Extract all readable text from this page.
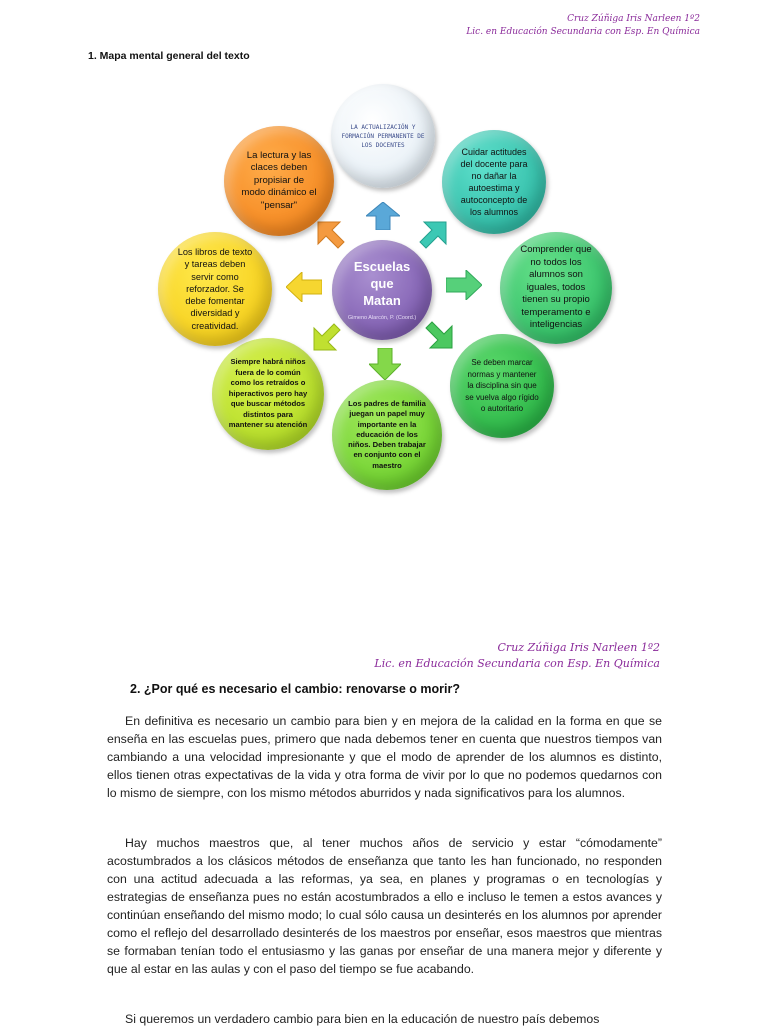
Cruz Zúñiga Iris Narleen 1º2
Lic. en Educación Secundaria con Esp. En Química
1. Mapa mental general del texto
Escuelas
que
Matan
Gimeno Alarcón, P. (Coord.)
LA ACTUALIZACIÓN Y FORMACIÓN PERMANENTE DE LOS DOCENTES
Cuidar actitudes del docente para no dañar la autoestima y autoconcepto de los alumnos
Comprender que no todos los alumnos son iguales, todos tienen su propio temperamento e inteligencias
Se deben marcar normas y mantener la disciplina sin que se vuelva algo rígido o autoritario
Los padres de familia juegan un papel muy importante en la educación de los niños. Deben trabajar en conjunto con el maestro
Siempre habrá niños fuera de lo común como los retraídos o hiperactivos pero hay que buscar métodos distintos para mantener su atención
Los libros de texto y tareas deben servir como reforzador. Se debe fomentar diversidad y creatividad.
La lectura y las claces deben propisiar de modo dinámico el "pensar"
Cruz Zúñiga Iris Narleen 1º2
Lic. en Educación Secundaria con Esp. En Química
2. ¿Por qué es necesario el cambio: renovarse o morir?
En definitiva es necesario un cambio para bien y en mejora de la calidad en la forma en que se enseña en las escuelas pues, primero que nada debemos tener en cuenta que nuestros tiempos van cambiando a una velocidad impresionante y que el modo de aprender de los alumnos es distinto, ellos tienen otras expectativas de la vida y otra forma de vivir por lo que no podemos quedarnos con lo mismo de siempre, con los mismo métodos aburridos y nada significativos para los alumnos.
Hay muchos maestros que, al tener muchos años de servicio y estar “cómodamente” acostumbrados a los clásicos métodos de enseñanza que tanto les han funcionado, no responden con una actitud adecuada a las reformas, ya sea, en planes y programas o en tecnologías y estrategias de enseñanza pues no están acostumbrados a ello e incluso le temen a estos avances y continúan enseñando del mismo modo; lo cual sólo causa un desinterés en los alumnos por aprender como el reflejo del desarrollado desinterés de los maestros por enseñar, esos maestros que mientras se formaban tenían todo el entusiasmo y las ganas por enseñar de una manera mejor y diferente y que al estar en las aulas y con el paso del tiempo se fue acabando.
Si queremos un verdadero cambio para bien en la educación de nuestro país debemos
